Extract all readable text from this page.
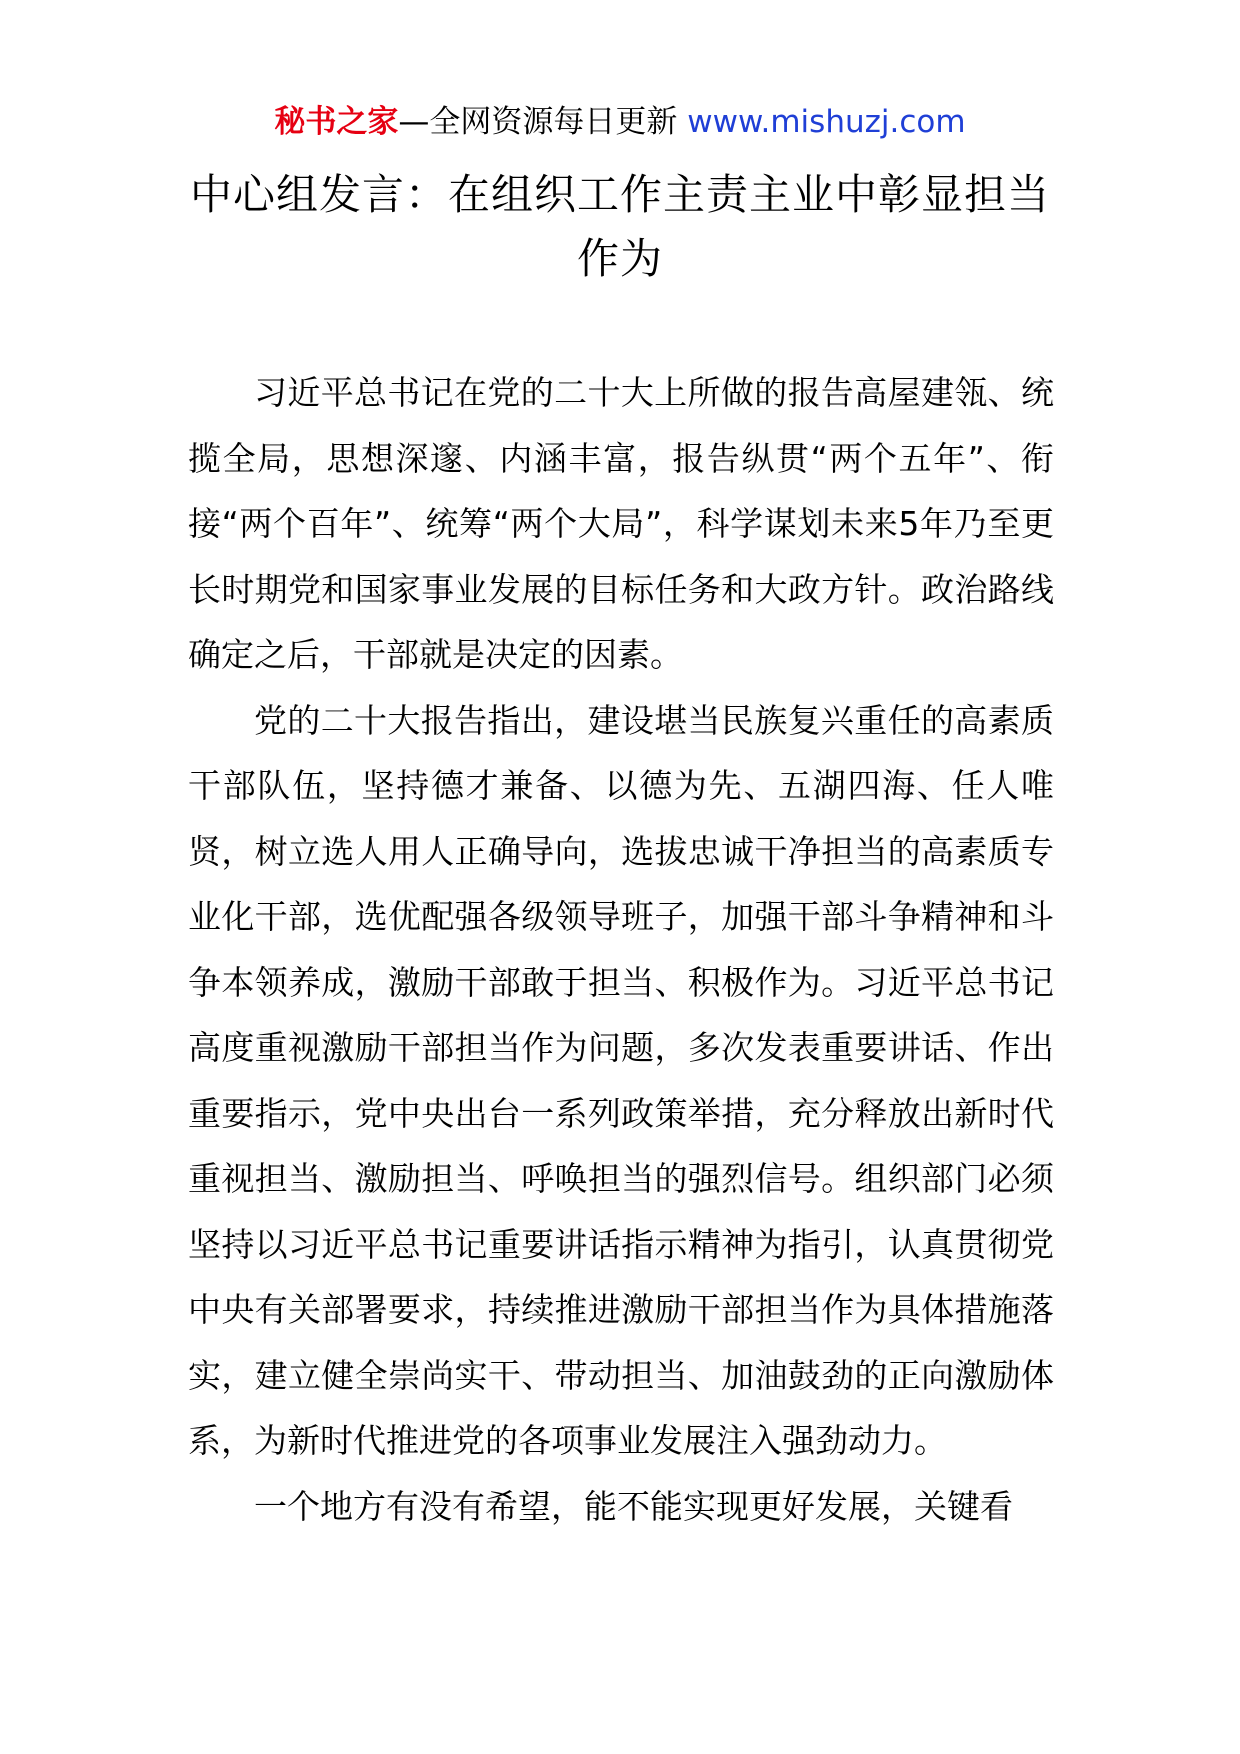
秘书之家—全网资源每日更新 www.mishuzj.com
中心组发言：在组织工作主责主业中彰显担当作为

习近平总书记在党的二十大上所做的报告高屋建瓴、统揽全局，思想深邃、内涵丰富，报告纵贯“两个五年”、衔接“两个百年”、统筹“两个大局”，科学谋划未来5年乃至更长时期党和国家事业发展的目标任务和大政方针。政治路线确定之后，干部就是决定的因素。

党的二十大报告指出，建设堪当民族复兴重任的高素质干部队伍，坚持德才兼备、以德为先、五湖四海、任人唯贤，树立选人用人正确导向，选拔忠诚干净担当的高素质专业化干部，选优配强各级领导班子，加强干部斗争精神和斗争本领养成，激励干部敢于担当、积极作为。习近平总书记高度重视激励干部担当作为问题，多次发表重要讲话、作出重要指示，党中央出台一系列政策举措，充分释放出新时代重视担当、激励担当、呼唤担当的强烈信号。组织部门必须坚持以习近平总书记重要讲话指示精神为指引，认真贯彻党中央有关部署要求，持续推进激励干部担当作为具体措施落实，建立健全崇尚实干、带动担当、加油鼓劲的正向激励体系，为新时代推进党的各项事业发展注入强劲动力。

一个地方有没有希望，能不能实现更好发展，关键看
